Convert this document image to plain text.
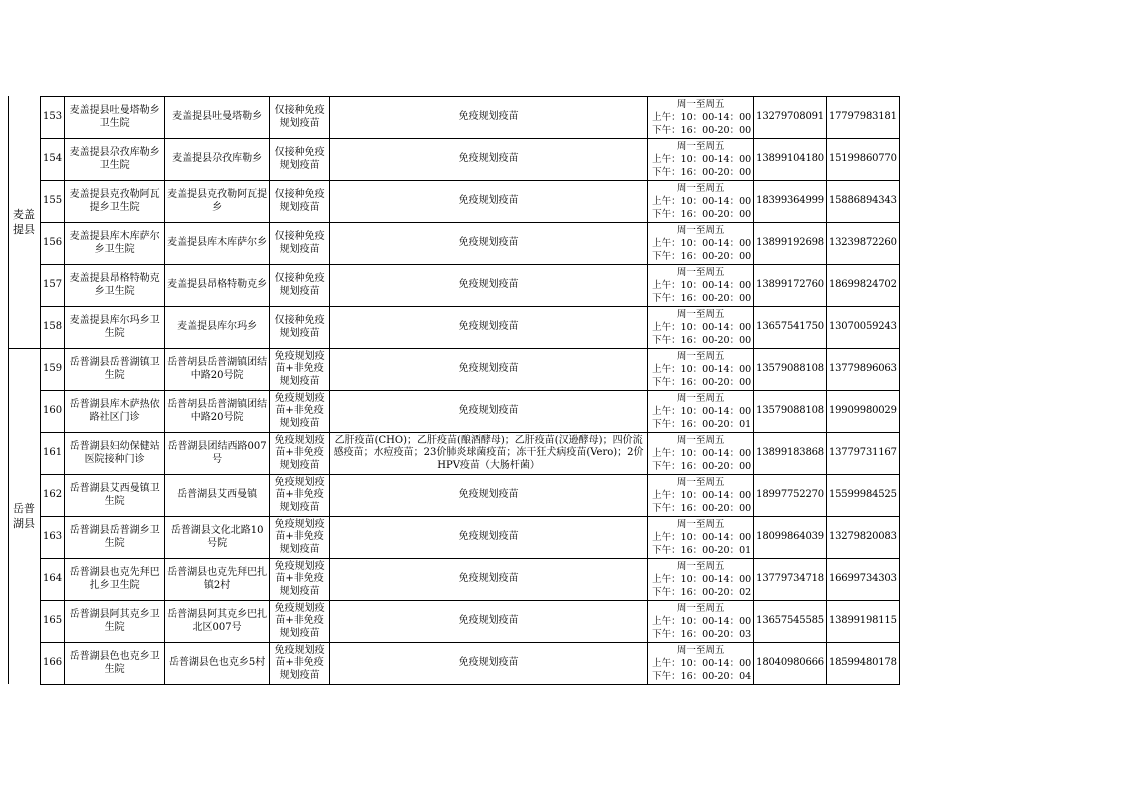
麦盖提县
岳普湖县
153	麦盖提县吐曼塔勒乡卫生院	麦盖提县吐曼塔勒乡	仅接种免疫规划疫苗	免疫规划疫苗	周一至周五
上午：10：00-14：00
下午：16：00-20：00	13279708091	17797983181
154	麦盖提县尕孜库勒乡卫生院	麦盖提县尕孜库勒乡	仅接种免疫规划疫苗	免疫规划疫苗	周一至周五
上午：10：00-14：00
下午：16：00-20：00	13899104180	15199860770
155	麦盖提县克孜勒阿瓦提乡卫生院	麦盖提县克孜勒阿瓦提乡	仅接种免疫规划疫苗	免疫规划疫苗	周一至周五
上午：10：00-14：00
下午：16：00-20：00	18399364999	15886894343
156	麦盖提县库木库萨尔乡卫生院	麦盖提县库木库萨尔乡	仅接种免疫规划疫苗	免疫规划疫苗	周一至周五
上午：10：00-14：00
下午：16：00-20：00	13899192698	13239872260
157	麦盖提县昂格特勒克乡卫生院	麦盖提县昂格特勒克乡	仅接种免疫规划疫苗	免疫规划疫苗	周一至周五
上午：10：00-14：00
下午：16：00-20：00	13899172760	18699824702
158	麦盖提县库尔玛乡卫生院	麦盖提县库尔玛乡	仅接种免疫规划疫苗	免疫规划疫苗	周一至周五
上午：10：00-14：00
下午：16：00-20：00	13657541750	13070059243
159	岳普湖县岳普湖镇卫生院	岳普胡县岳普湖镇团结中路20号院	免疫规划疫苗+非免疫规划疫苗	免疫规划疫苗	周一至周五
上午：10：00-14：00
下午：16：00-20：00	13579088108	13779896063
160	岳普湖县库木萨热依路社区门诊	岳普胡县岳普湖镇团结中路20号院	免疫规划疫苗+非免疫规划疫苗	免疫规划疫苗	周一至周五
上午：10：00-14：00
下午：16：00-20：01	13579088108	19909980029
161	岳普湖县妇幼保健站医院接种门诊	岳普湖县团结西路007号	免疫规划疫苗+非免疫规划疫苗	乙肝疫苗(CHO)；乙肝疫苗(酿酒酵母)；乙肝疫苗(汉逊酵母)；四价流感疫苗；水痘疫苗；23价肺炎球菌疫苗；冻干狂犬病疫苗(Vero)；2价HPV疫苗（大肠杆菌）	周一至周五
上午：10：00-14：00
下午：16：00-20：00	13899183868	13779731167
162	岳普湖县艾西曼镇卫生院	岳普湖县艾西曼镇	免疫规划疫苗+非免疫规划疫苗	免疫规划疫苗	周一至周五
上午：10：00-14：00
下午：16：00-20：00	18997752270	15599984525
163	岳普湖县岳普湖乡卫生院	岳普湖县文化北路10号院	免疫规划疫苗+非免疫规划疫苗	免疫规划疫苗	周一至周五
上午：10：00-14：00
下午：16：00-20：01	18099864039	13279820083
164	岳普湖县也克先拜巴扎乡卫生院	岳普湖县也克先拜巴扎镇2村	免疫规划疫苗+非免疫规划疫苗	免疫规划疫苗	周一至周五
上午：10：00-14：00
下午：16：00-20：02	13779734718	16699734303
165	岳普湖县阿其克乡卫生院	岳普湖县阿其克乡巴扎北区007号	免疫规划疫苗+非免疫规划疫苗	免疫规划疫苗	周一至周五
上午：10：00-14：00
下午：16：00-20：03	13657545585	13899198115
166	岳普湖县色也克乡卫生院	岳普湖县色也克乡5村	免疫规划疫苗+非免疫规划疫苗	免疫规划疫苗	周一至周五
上午：10：00-14：00
下午：16：00-20：04	18040980666	18599480178
